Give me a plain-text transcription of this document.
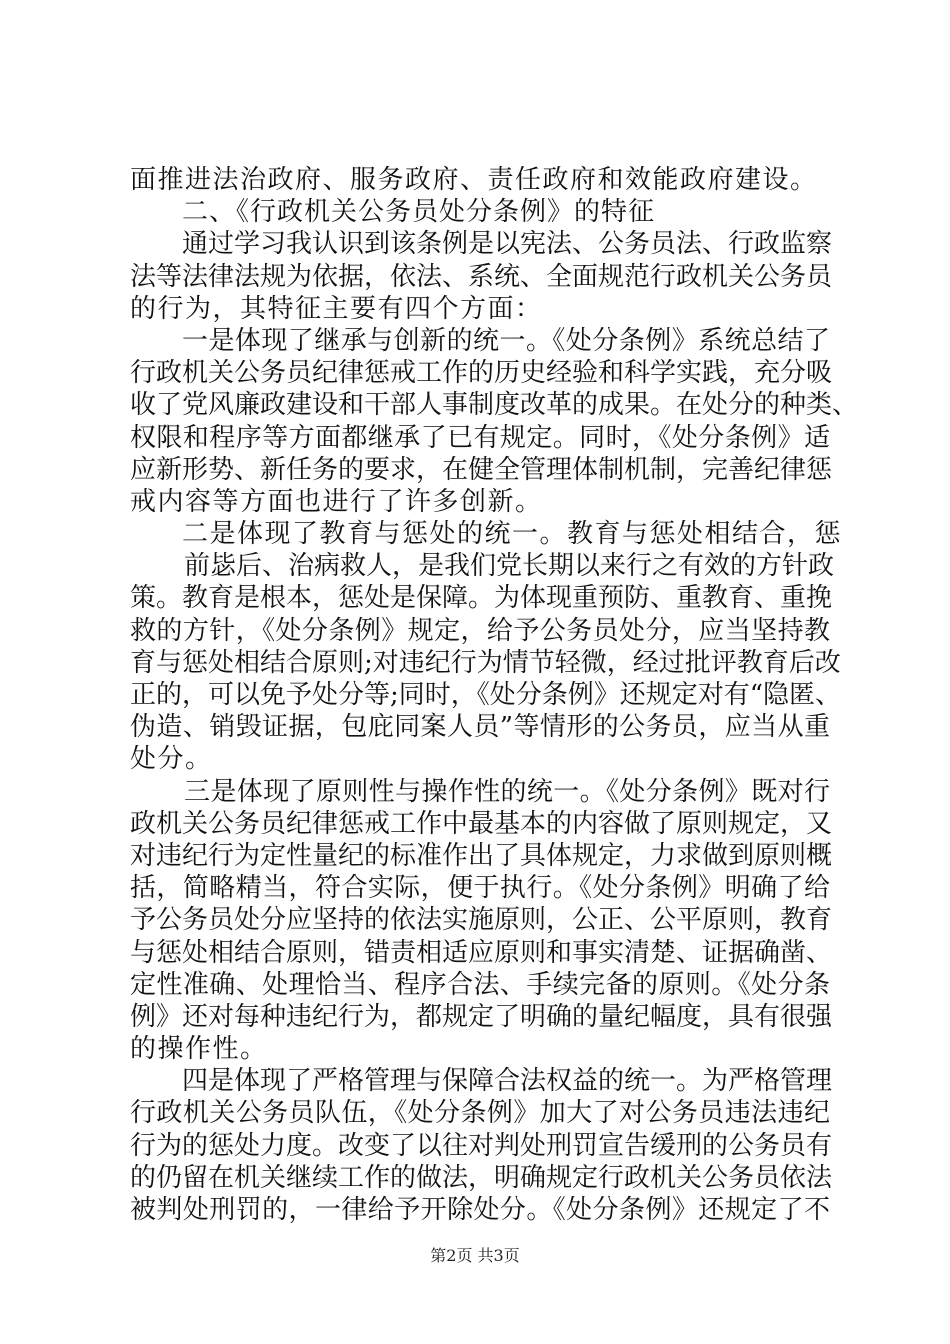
面推进法治政府、服务政府、责任政府和效能政府建设。
二、《行政机关公务员处分条例》的特征
通过学习我认识到该条例是以宪法、公务员法、行政监察
法等法律法规为依据，依法、系统、全面规范行政机关公务员
的行为，其特征主要有四个方面：
一是体现了继承与创新的统一。《处分条例》系统总结了
行政机关公务员纪律惩戒工作的历史经验和科学实践，充分吸
收了党风廉政建设和干部人事制度改革的成果。在处分的种类、
权限和程序等方面都继承了已有规定。同时，《处分条例》适
应新形势、新任务的要求，在健全管理体制机制，完善纪律惩
戒内容等方面也进行了许多创新。
二是体现了教育与惩处的统一。教育与惩处相结合，惩
前毖后、治病救人，是我们党长期以来行之有效的方针政
策。教育是根本，惩处是保障。为体现重预防、重教育、重挽
救的方针，《处分条例》规定，给予公务员处分，应当坚持教
育与惩处相结合原则;对违纪行为情节轻微，经过批评教育后改
正的，可以免予处分等;同时，《处分条例》还规定对有“隐匿、
伪造、销毁证据，包庇同案人员”等情形的公务员，应当从重
处分。
三是体现了原则性与操作性的统一。《处分条例》既对行
政机关公务员纪律惩戒工作中最基本的内容做了原则规定，又
对违纪行为定性量纪的标准作出了具体规定，力求做到原则概
括，简略精当，符合实际，便于执行。《处分条例》明确了给
予公务员处分应坚持的依法实施原则，公正、公平原则，教育
与惩处相结合原则，错责相适应原则和事实清楚、证据确凿、
定性准确、处理恰当、程序合法、手续完备的原则。《处分条
例》还对每种违纪行为，都规定了明确的量纪幅度，具有很强
的操作性。
四是体现了严格管理与保障合法权益的统一。为严格管理
行政机关公务员队伍，《处分条例》加大了对公务员违法违纪
行为的惩处力度。改变了以往对判处刑罚宣告缓刑的公务员有
的仍留在机关继续工作的做法，明确规定行政机关公务员依法
被判处刑罚的，一律给予开除处分。《处分条例》还规定了不
第2页 共3页
